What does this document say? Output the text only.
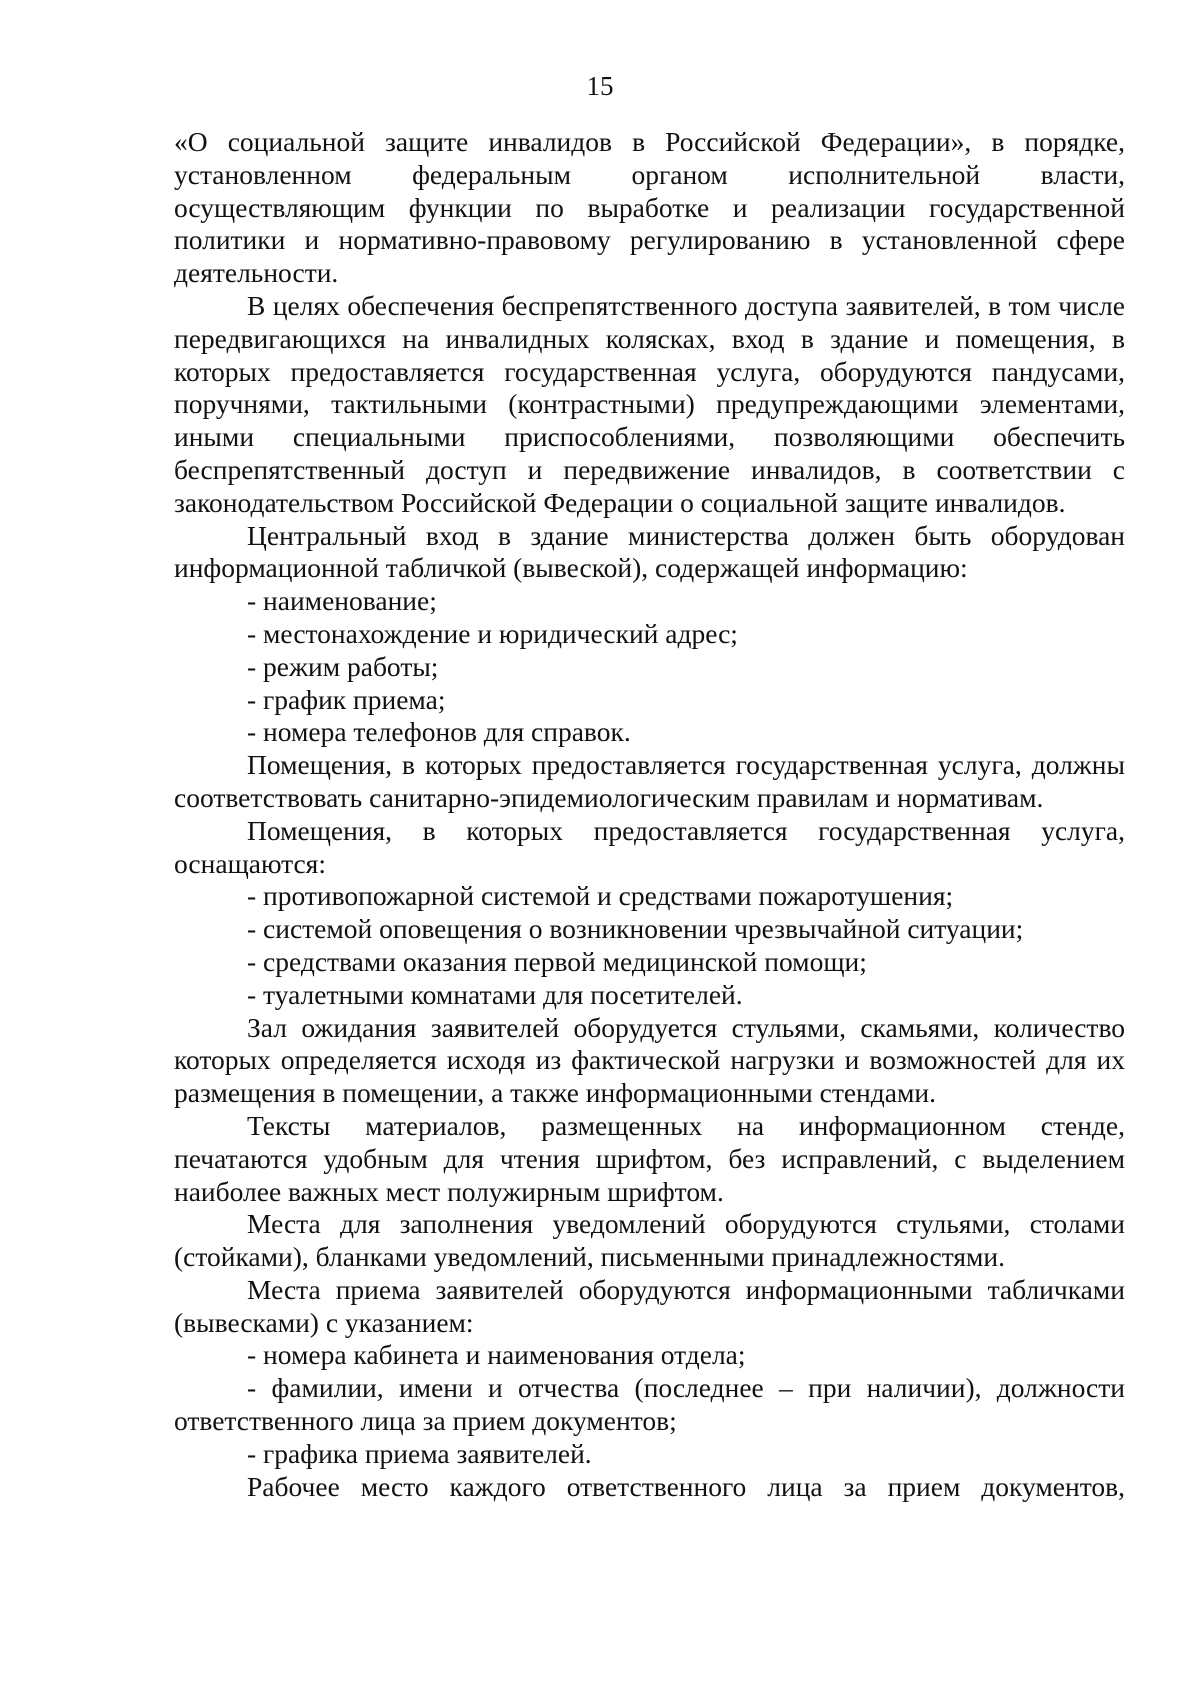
15

«О социальной защите инвалидов в Российской Федерации», в порядке, установленном федеральным органом исполнительной власти, осуществляющим функции по выработке и реализации государственной политики и нормативно-правовому регулированию в установленной сфере деятельности.

В целях обеспечения беспрепятственного доступа заявителей, в том числе передвигающихся на инвалидных колясках, вход в здание и помещения, в которых предоставляется государственная услуга, оборудуются пандусами, поручнями, тактильными (контрастными) предупреждающими элементами, иными специальными приспособлениями, позволяющими обеспечить беспрепятственный доступ и передвижение инвалидов, в соответствии с законодательством Российской Федерации о социальной защите инвалидов.

Центральный вход в здание министерства должен быть оборудован информационной табличкой (вывеской), содержащей информацию:

- наименование;

- местонахождение и юридический адрес;

- режим работы;

- график приема;

- номера телефонов для справок.

Помещения, в которых предоставляется государственная услуга, должны соответствовать санитарно-эпидемиологическим правилам и нормативам.

Помещения, в которых предоставляется государственная услуга, оснащаются:

- противопожарной системой и средствами пожаротушения;

- системой оповещения о возникновении чрезвычайной ситуации;

- средствами оказания первой медицинской помощи;

- туалетными комнатами для посетителей.

Зал ожидания заявителей оборудуется стульями, скамьями, количество которых определяется исходя из фактической нагрузки и возможностей для их размещения в помещении, а также информационными стендами.

Тексты материалов, размещенных на информационном стенде, печатаются удобным для чтения шрифтом, без исправлений, с выделением наиболее важных мест полужирным шрифтом.

Места для заполнения уведомлений оборудуются стульями, столами (стойками), бланками уведомлений, письменными принадлежностями.

Места приема заявителей оборудуются информационными табличками (вывесками) с указанием:

- номера кабинета и наименования отдела;

- фамилии, имени и отчества (последнее – при наличии), должности ответственного лица за прием документов;

- графика приема заявителей.

Рабочее место каждого ответственного лица за прием документов,
